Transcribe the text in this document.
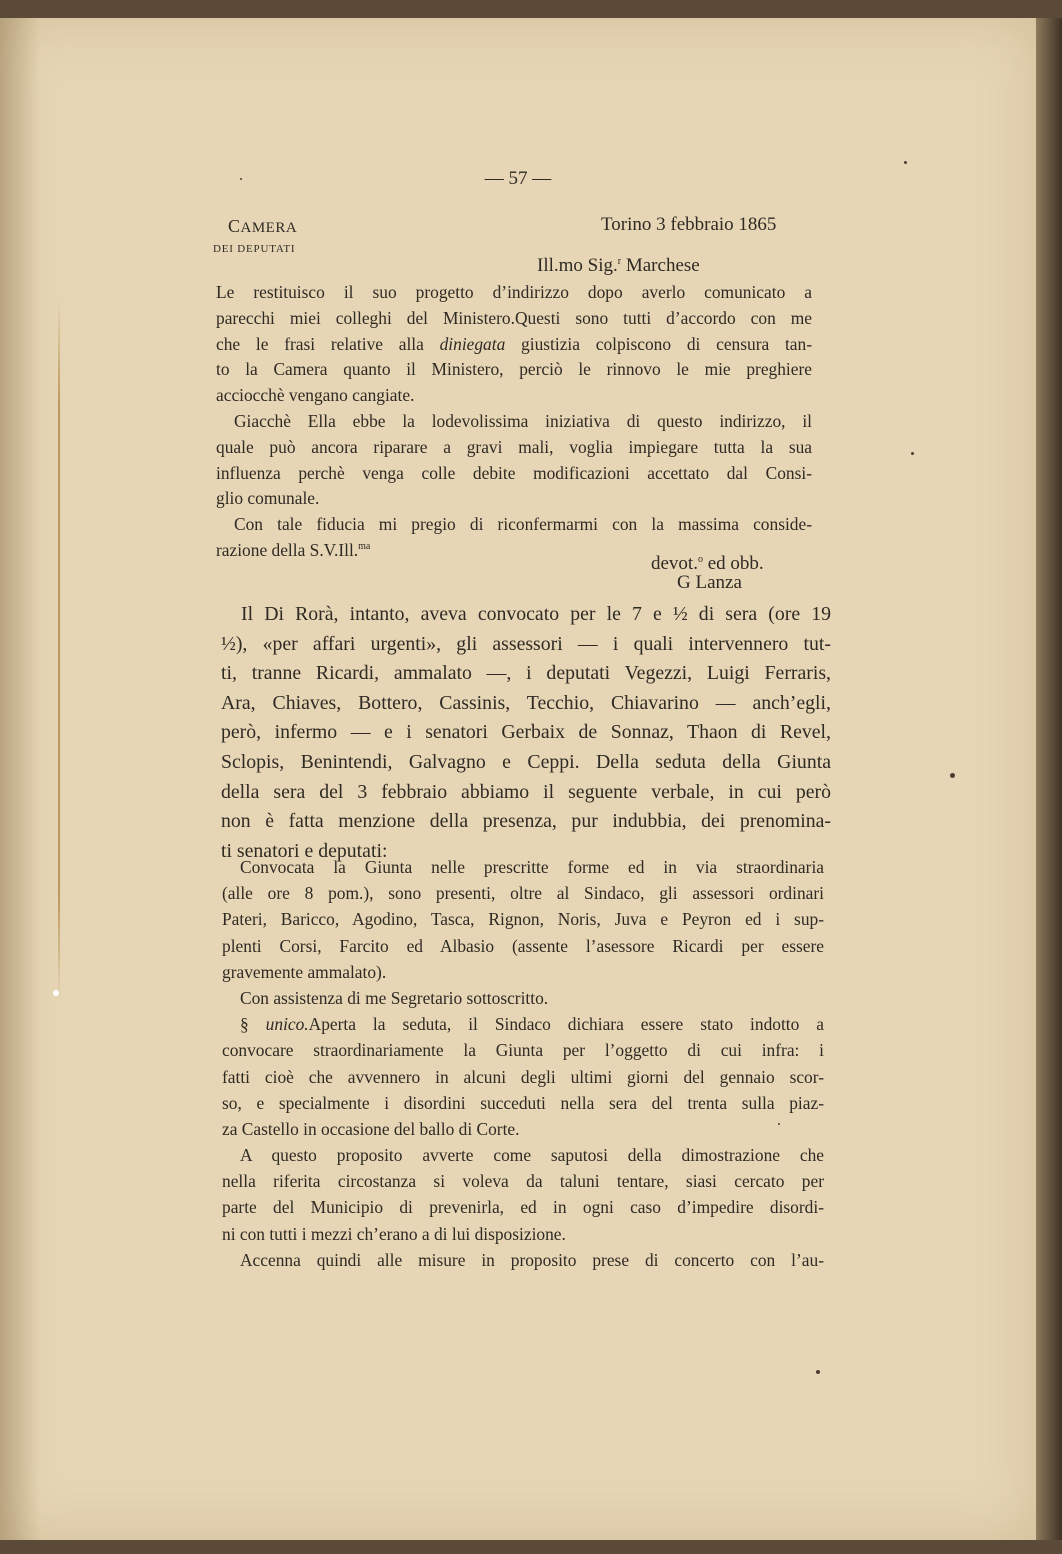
— 57 —
CAMERA
DEI DEPUTATI
Torino 3 febbraio 1865
Ill.mo Sig.$^r$ Marchese
Le restituisco il suo progetto d’indirizzo dopo averlo comunicato a
parecchi miei colleghi del Ministero.Questi sono tutti d’accordo con me
che le frasi relative alla diniegata giustizia colpiscono di censura tan-
to la Camera quanto il Ministero, perciò le rinnovo le mie preghiere
acciocchè vengano cangiate.
Giacchè Ella ebbe la lodevolissima iniziativa di questo indirizzo, il
quale può ancora riparare a gravi mali, voglia impiegare tutta la sua
influenza perchè venga colle debite modificazioni accettato dal Consi-
glio comunale.
Con tale fiducia mi pregio di riconfermarmi con la massima conside-
razione della S.V.Ill.$^{ma}$
devot.$^o$ ed obb.
G Lanza
Il Di Rorà, intanto, aveva convocato per le 7 e ½ di sera (ore 19
½), «per affari urgenti», gli assessori — i quali intervennero tut-
ti, tranne Ricardi, ammalato —, i deputati Vegezzi, Luigi Ferraris,
Ara, Chiaves, Bottero, Cassinis, Tecchio, Chiavarino — anch’egli,
però, infermo — e i senatori Gerbaix de Sonnaz, Thaon di Revel,
Sclopis, Benintendi, Galvagno e Ceppi. Della seduta della Giunta
della sera del 3 febbraio abbiamo il seguente verbale, in cui però
non è fatta menzione della presenza, pur indubbia, dei prenomina-
ti senatori e deputati:
Convocata la Giunta nelle prescritte forme ed in via straordinaria
(alle ore 8 pom.), sono presenti, oltre al Sindaco, gli assessori ordinari
Pateri, Baricco, Agodino, Tasca, Rignon, Noris, Juva e Peyron ed i sup-
plenti Corsi, Farcito ed Albasio (assente l’asessore Ricardi per essere
gravemente ammalato).
Con assistenza di me Segretario sottoscritto.
§ unico.Aperta la seduta, il Sindaco dichiara essere stato indotto a
convocare straordinariamente la Giunta per l’oggetto di cui infra: i
fatti cioè che avvennero in alcuni degli ultimi giorni del gennaio scor-
so, e specialmente i disordini succeduti nella sera del trenta sulla piaz-
za Castello in occasione del ballo di Corte.
A questo proposito avverte come saputosi della dimostrazione che
nella riferita circostanza si voleva da taluni tentare, siasi cercato per
parte del Municipio di prevenirla, ed in ogni caso d’impedire disordi-
ni con tutti i mezzi ch’erano a di lui disposizione.
Accenna quindi alle misure in proposito prese di concerto con l’au-
